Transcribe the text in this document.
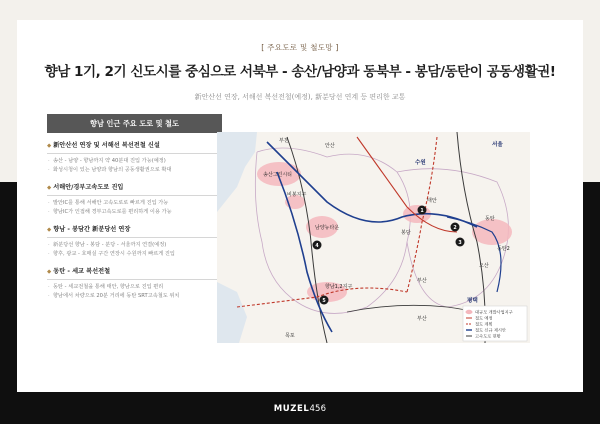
[ 주요도로 및 철도망 ]
향남 1기, 2기 신도시를 중심으로 서북부 - 송산/남양과 동북부 - 봉담/동탄이 공동생활권!
新안산선 연장, 서해선 복선전철(예정), 新분당선 연계 등 편리한 교통
향남 인근 주요 도로 및 철도
◆ 新안산선 연장 및 서해선 복선전철 신설
· 송산 - 남양 - 향남까지 약 40분대 진입 가능(예정)
· 화성시청이 있는 남양과 향남의 공동생활권으로 확대
◆ 서해안/경부고속도로 진입
· 발안IC를 통해 서해안 고속도로로 빠르게 진입 가능
· 향남IC가 인접해 경부고속도로를 편리하게 이용 가능
◆ 향남 - 봉담간 新분당선 연장
· 新분당선 향남 - 봉담 - 분당 - 서울까지 연결(예정)
· 향후, 광교 - 호매실 구간 연장시 수원까지 빠르게 진입
◆ 동탄 - 세교 복선전철
· 동탄 - 세교전철을 통해 태안, 향남으로 진입 편리
· 향남에서 차량으로 20분 거리에 동탄 SRT고속철도 위치
1
2
3
4
5
부천
서울
안산
수원
송산그린시티
비봉지구
남양뉴타운
태안
봉담
동탄
동탄2
오산
향남1,2지구
평택
부산
부산
목포
대규모 개발사업지구
철도 예정
철도 계획
철도 신규 제시안
고속도로 현황
MUZEL456
